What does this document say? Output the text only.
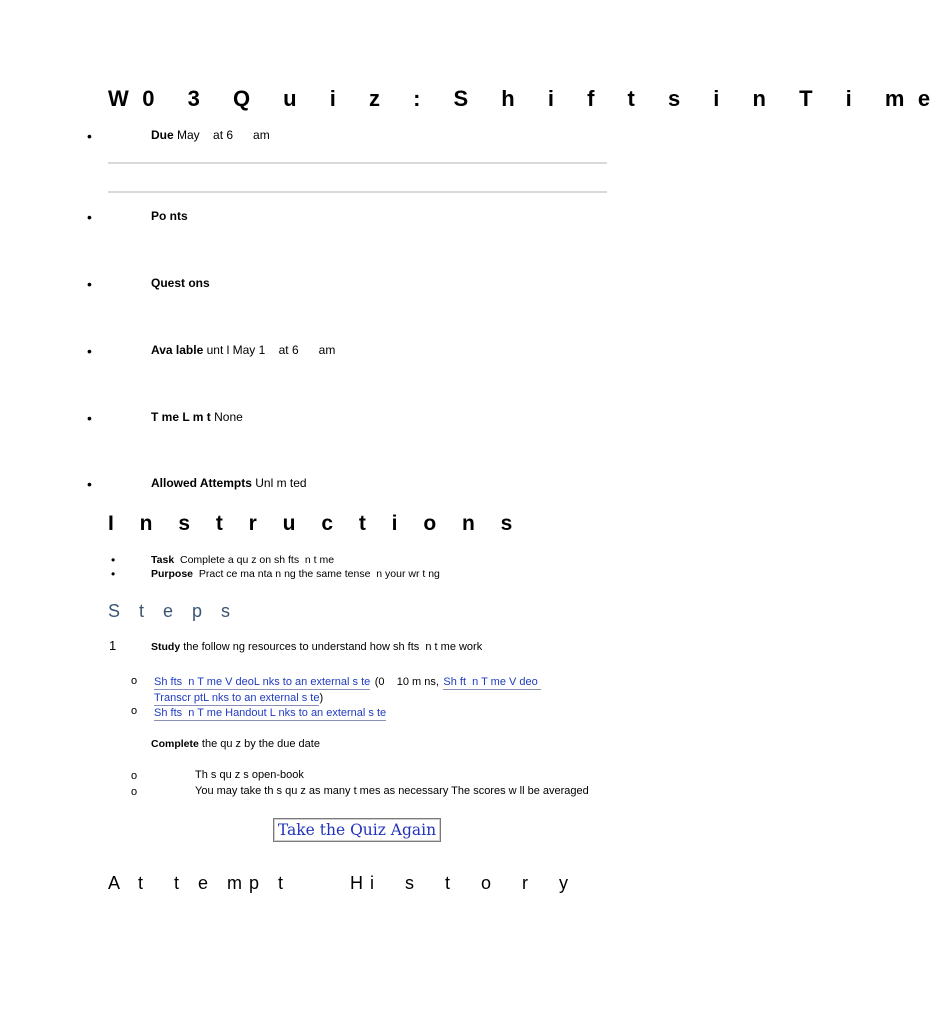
W0 3 Q u i z : S h i f t s i n T i me
•	Due May    at 6      am
•	Po nts
•	Quest ons
•	Ava lable unt l May 1    at 6      am
•	T me L m t None
•	Allowed Attempts Unl m ted
I n s t r u c t i o n s
•	Task Complete a qu z on sh fts  n t me
•	Purpose Pract ce ma nta n ng the same tense  n your wr t ng
S t e p s
1	Study the follow ng resources to understand how sh fts  n t me work
o Sh fts  n T me V deoL nks to an external s te (0    10 m ns, Sh ft  n T me V deo
Transcr ptL nks to an external s te)
o Sh fts  n T me Handout L nks to an external s te
Complete the qu z by the due date
o	Th s qu z s open-book
o	You may take th s qu z as many t mes as necessary The scores w ll be averaged
Take the Quiz Again
A t  t e mp t     Hi  s  t  o  r  y
